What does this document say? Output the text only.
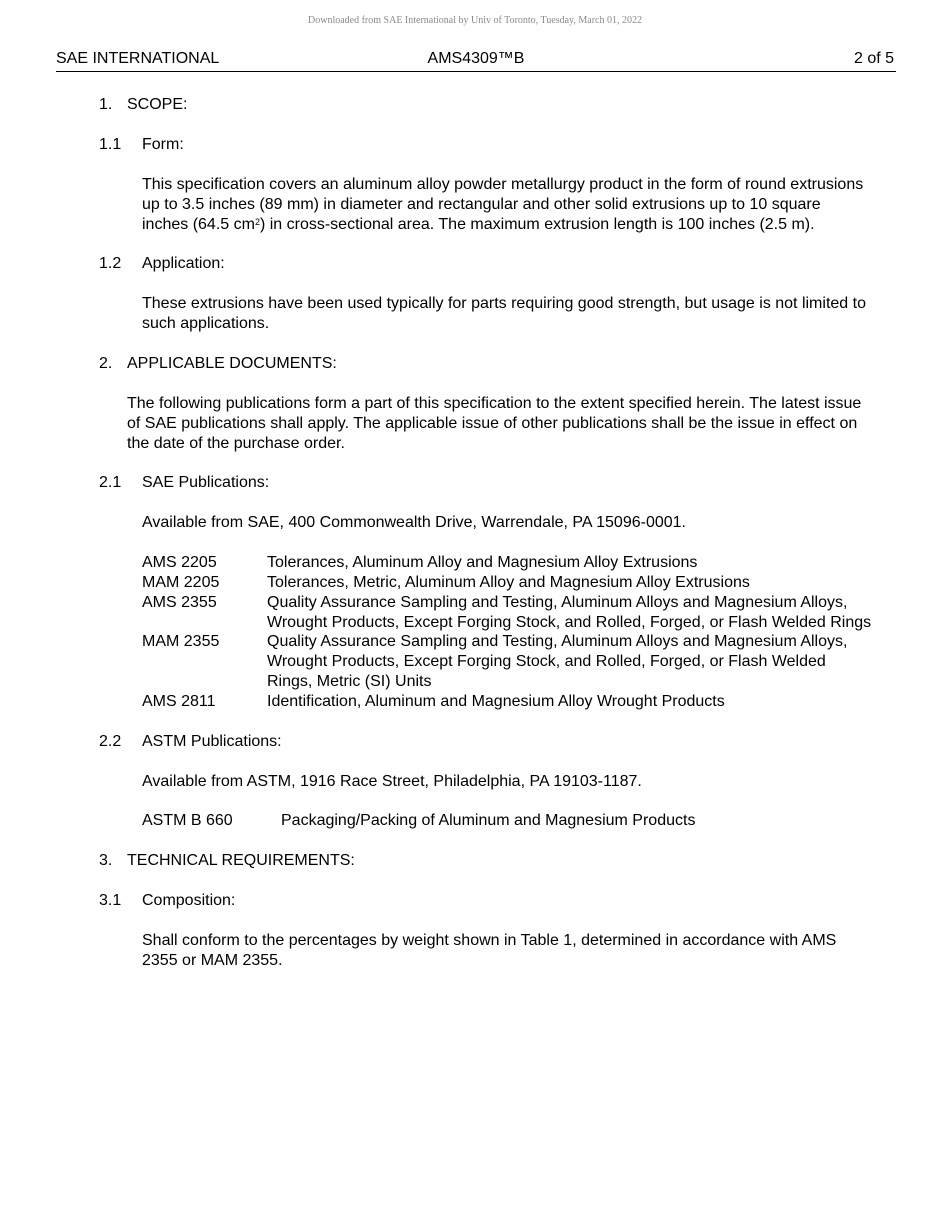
Downloaded from SAE International by Univ of Toronto, Tuesday, March 01, 2022
AMS4309™B
SAE INTERNATIONAL	2 of 5
1. SCOPE:
1.1 Form:
This specification covers an aluminum alloy powder metallurgy product in the form of round extrusions up to 3.5 inches (89 mm) in diameter and rectangular and other solid extrusions up to 10 square inches (64.5 $cm^2$) in cross-sectional area. The maximum extrusion length is 100 inches (2.5 m).
1.2 Application:
These extrusions have been used typically for parts requiring good strength, but usage is not limited to such applications.
2. APPLICABLE DOCUMENTS:
The following publications form a part of this specification to the extent specified herein. The latest issue of SAE publications shall apply. The applicable issue of other publications shall be the issue in effect on the date of the purchase order.
2.1 SAE Publications:
Available from SAE, 400 Commonwealth Drive, Warrendale, PA 15096-0001.
AMS 2205	Tolerances, Aluminum Alloy and Magnesium Alloy Extrusions
MAM 2205	Tolerances, Metric, Aluminum Alloy and Magnesium Alloy Extrusions
AMS 2355	Quality Assurance Sampling and Testing, Aluminum Alloys and Magnesium Alloys, Wrought Products, Except Forging Stock, and Rolled, Forged, or Flash Welded Rings
MAM 2355	Quality Assurance Sampling and Testing, Aluminum Alloys and Magnesium Alloys, Wrought Products, Except Forging Stock, and Rolled, Forged, or Flash Welded Rings, Metric (SI) Units
AMS 2811	Identification, Aluminum and Magnesium Alloy Wrought Products
2.2 ASTM Publications:
Available from ASTM, 1916 Race Street, Philadelphia, PA 19103-1187.
ASTM B 660	Packaging/Packing of Aluminum and Magnesium Products
3. TECHNICAL REQUIREMENTS:
3.1 Composition:
Shall conform to the percentages by weight shown in Table 1, determined in accordance with AMS 2355 or MAM 2355.
